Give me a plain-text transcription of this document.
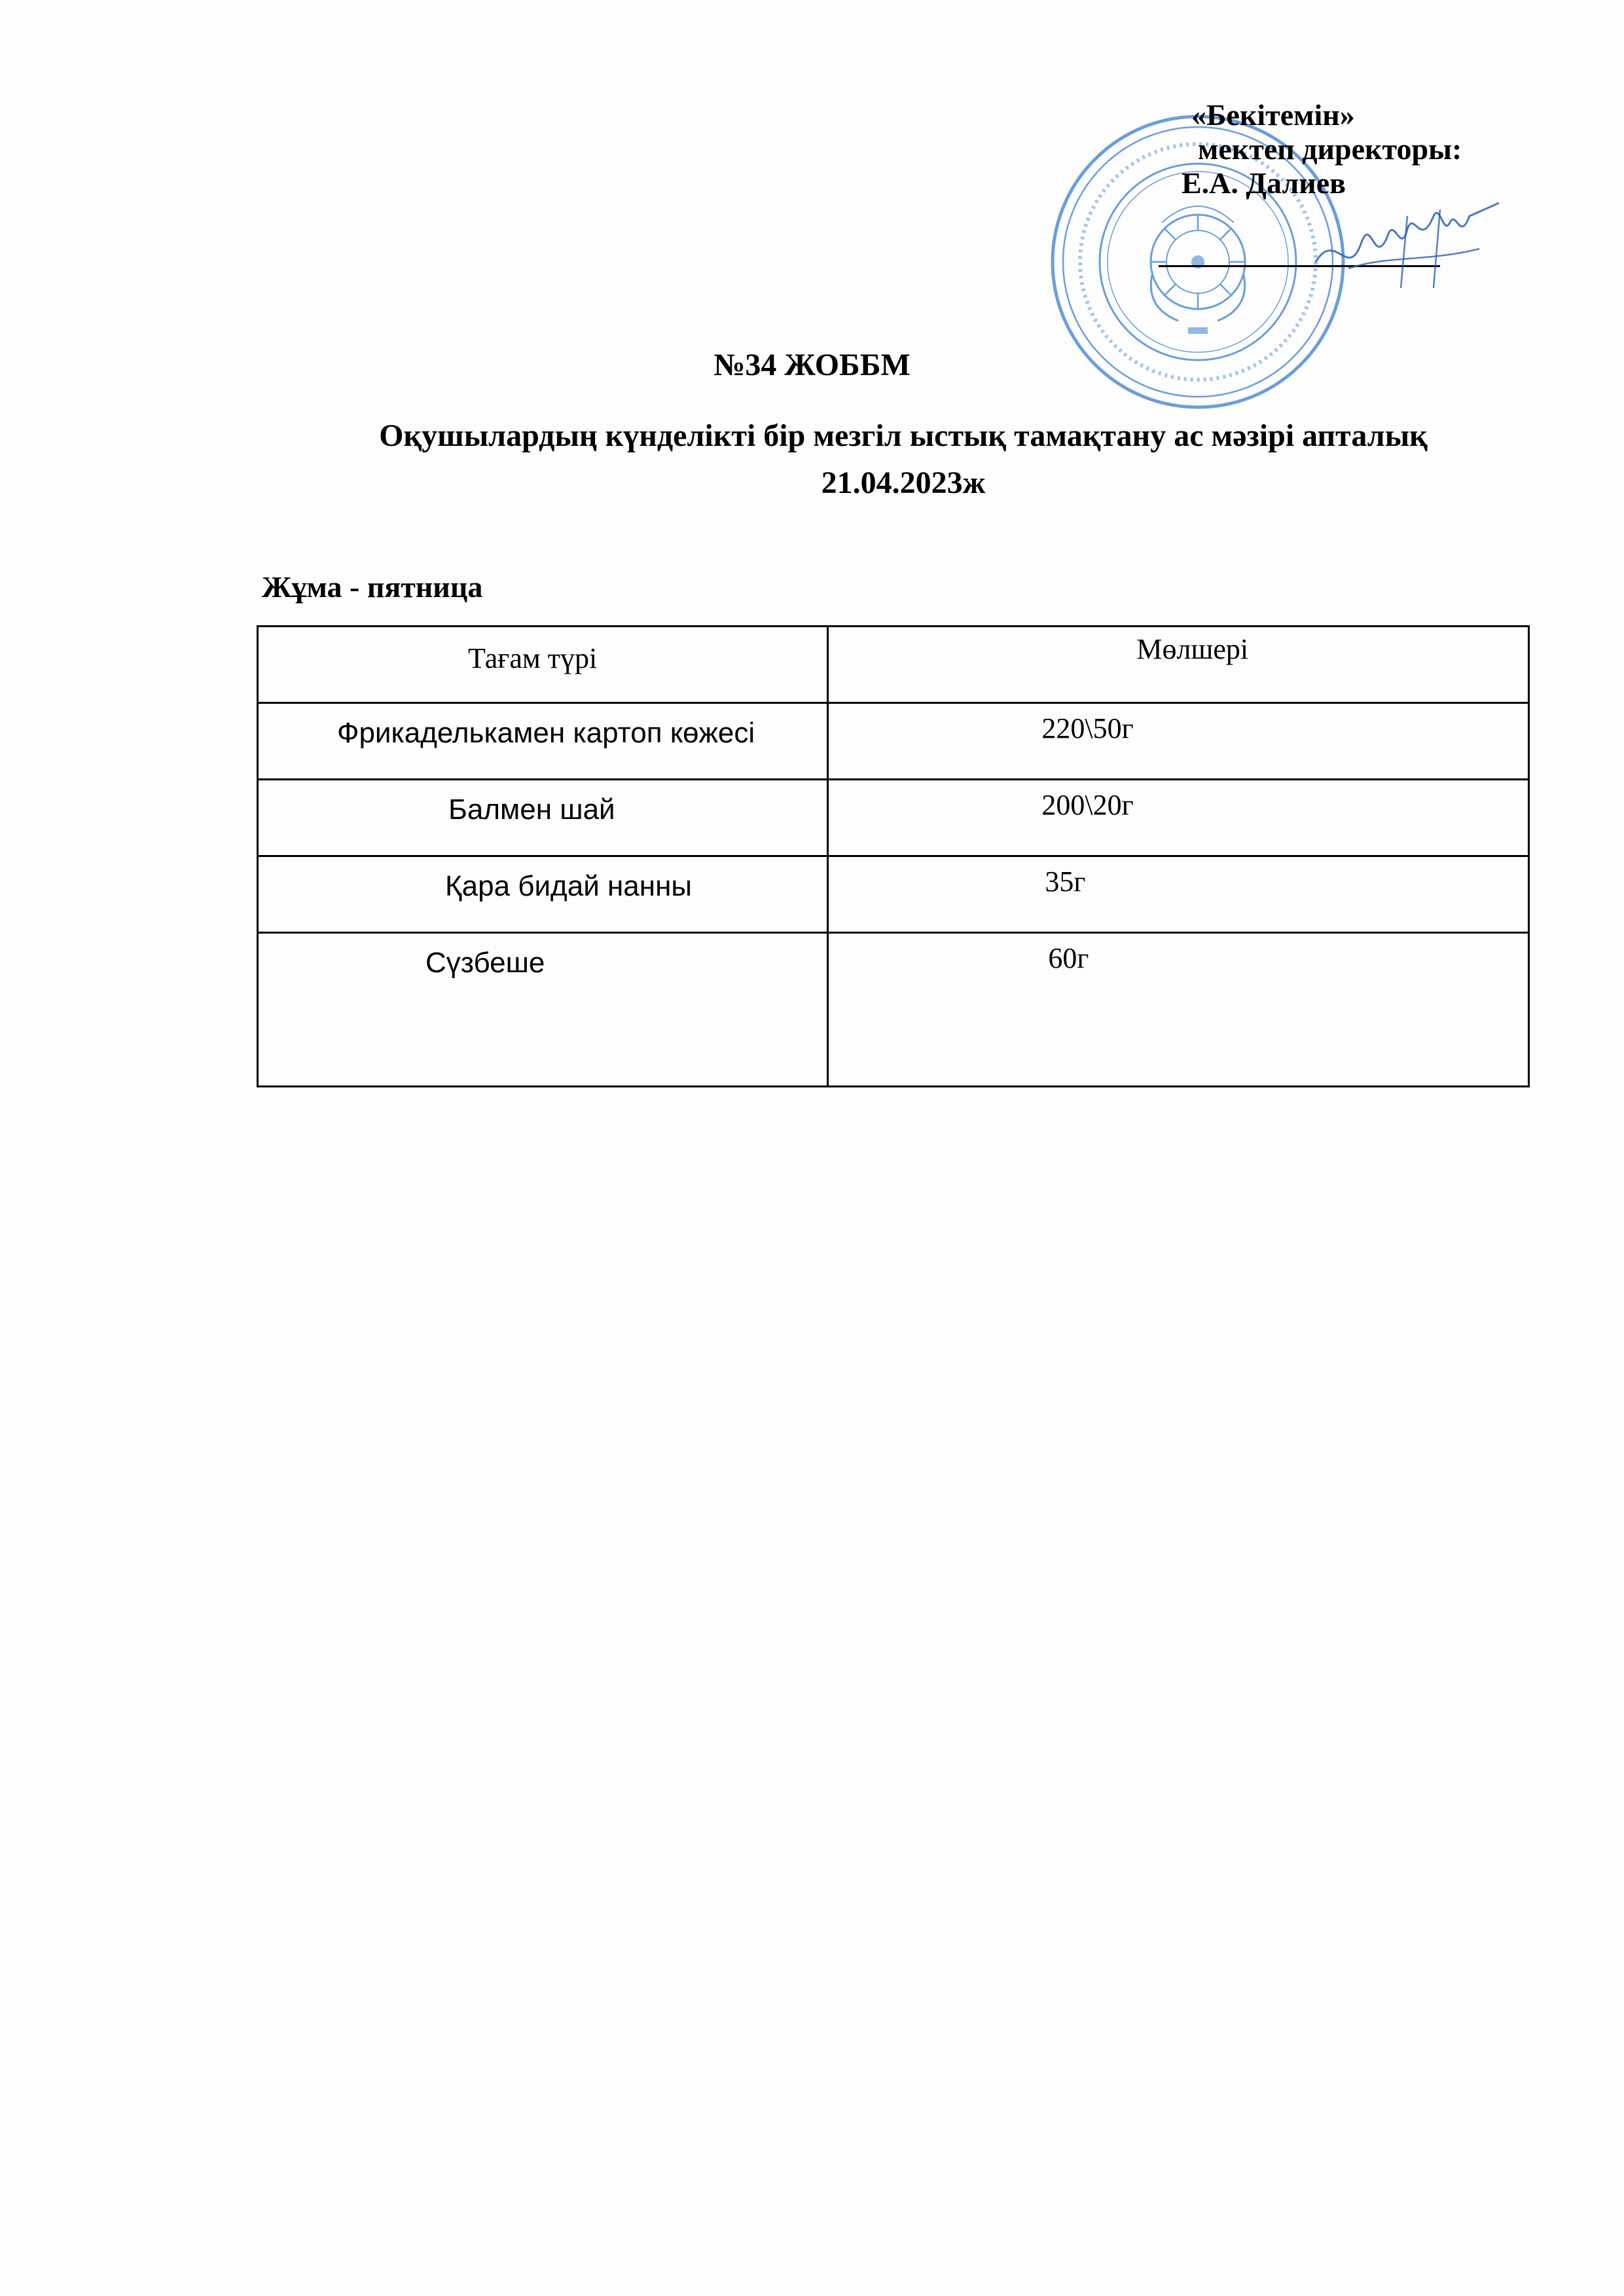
«Бекітемін»
мектеп директоры:
Е.А. Далиев
№34 ЖОББМ
Оқушылардың күнделікті бір мезгіл ыстық тамақтану ас мәзірі апталық
21.04.2023ж
Жұма - пятница
Тағам түрі	Мөлшері
Фрикаделькамен картоп көжесі	220\50г
Балмен шай	200\20г
Қара бидай нанны	35г
Сүзбеше	60г
